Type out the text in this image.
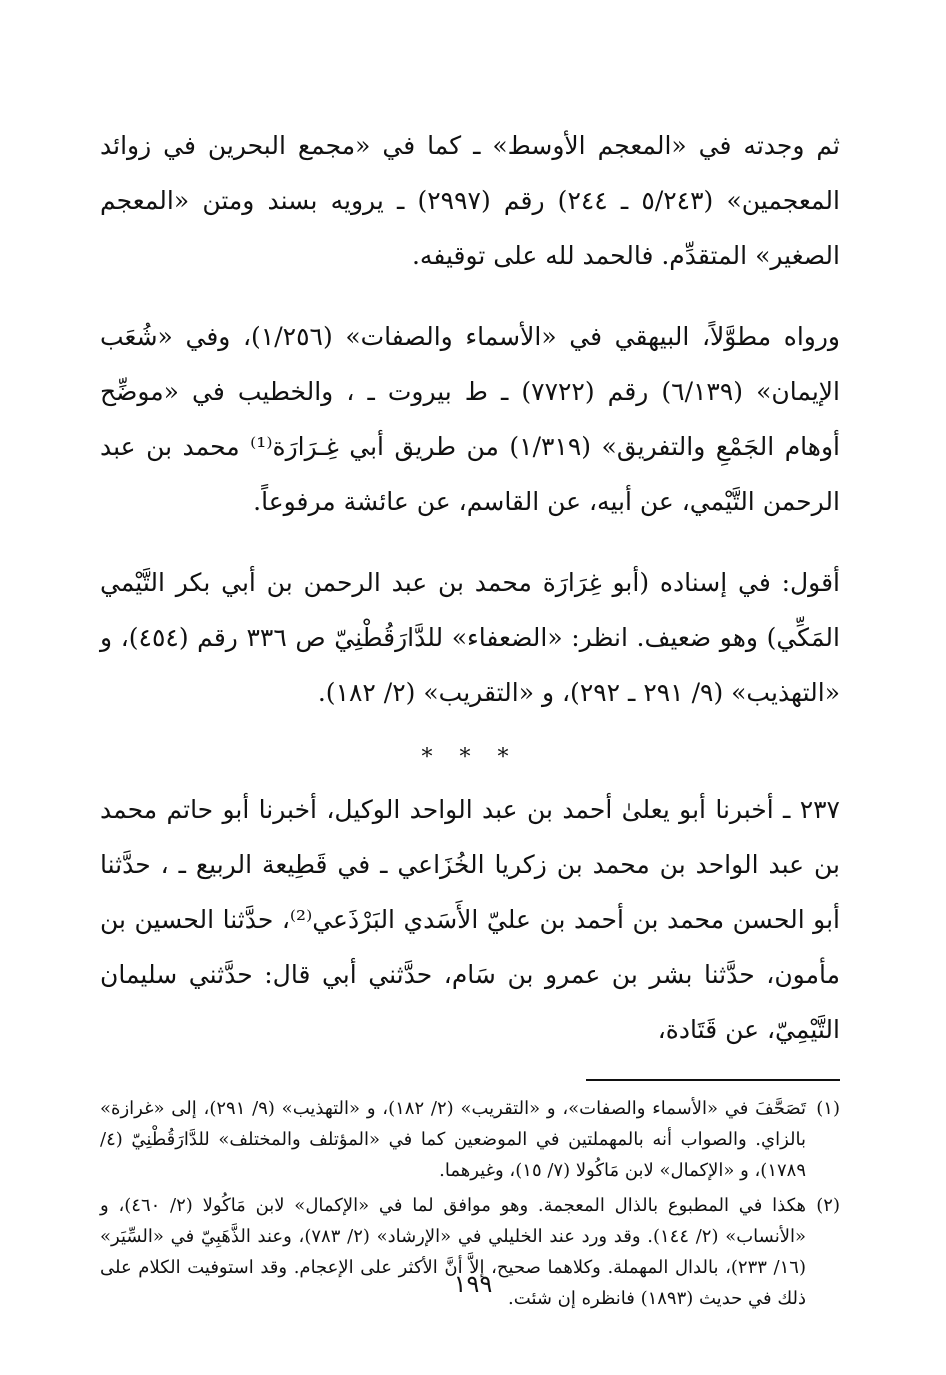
ثم وجدته في «المعجم الأوسط» ـ كما في «مجمع البحرين في زوائد المعجمين» (٥/٢٤٣ ـ ٢٤٤) رقم (٢٩٩٧) ـ يرويه بسند ومتن «المعجم الصغير» المتقدِّم. فالحمد لله على توقيفه.

ورواه مطوَّلاً، البيهقي في «الأسماء والصفات» (١/٢٥٦)، وفي «شُعَب الإيمان» (٦/١٣٩) رقم (٧٧٢٢) ـ ط بيروت ـ ، والخطيب في «موضِّح أوهام الجَمْعِ والتفريق» (١/٣١٩) من طريق أبي غِـرَارَة⁽¹⁾ محمد بن عبد الرحمن التَّيْمي، عن أبيه، عن القاسم، عن عائشة مرفوعاً.

أقول: في إسناده (أبو غِرَارَة محمد بن عبد الرحمن بن أبي بكر التَّيْمي المَكِّي) وهو ضعيف. انظر: «الضعفاء» للدَّارَقُطْنِيّ ص ٣٣٦ رقم (٤٥٤)، و «التهذيب» (٩/ ٢٩١ ـ ٢٩٢)، و «التقريب» (٢/ ١٨٢).

* * *

٢٣٧ ـ أخبرنا أبو يعلىٰ أحمد بن عبد الواحد الوكيل، أخبرنا أبو حاتم محمد بن عبد الواحد بن محمد بن زكريا الخُزَاعي ـ في قَطِيعة الربيع ـ ، حدَّثنا أبو الحسن محمد بن أحمد بن عليّ الأَسَدي البَرْذَعي⁽²⁾، حدَّثنا الحسين بن مأمون، حدَّثنا بشر بن عمرو بن سَام، حدَّثني أبي قال: حدَّثني سليمان التَّيْمِيّ، عن قَتَادة،

(١)
تَصَحَّفَ في «الأسماء والصفات»، و «التقريب» (٢/ ١٨٢)، و «التهذيب» (٩/ ٢٩١)، إلى «غرازة» بالزاي. والصواب أنه بالمهملتين في الموضعين كما في «المؤتلف والمختلف» للدَّارَقُطْنِيّ (٤/ ١٧٨٩)، و «الإكمال» لابن مَاكُولا (٧/ ١٥)، وغيرهما.
(٢)
هكذا في المطبوع بالذال المعجمة. وهو موافق لما في «الإكمال» لابن مَاكُولا (٢/ ٤٦٠)، و «الأنساب» (٢/ ١٤٤). وقد ورد عند الخليلي في «الإرشاد» (٢/ ٧٨٣)، وعند الذَّهَبِيّ في «السِّيَر» (١٦/ ٢٣٣)، بالدال المهملة. وكلاهما صحيح، إلاَّ أنَّ الأكثر على الإعجام. وقد استوفيت الكلام على ذلك في حديث (١٨٩٣) فانظره إن شئت.
١٩٩
